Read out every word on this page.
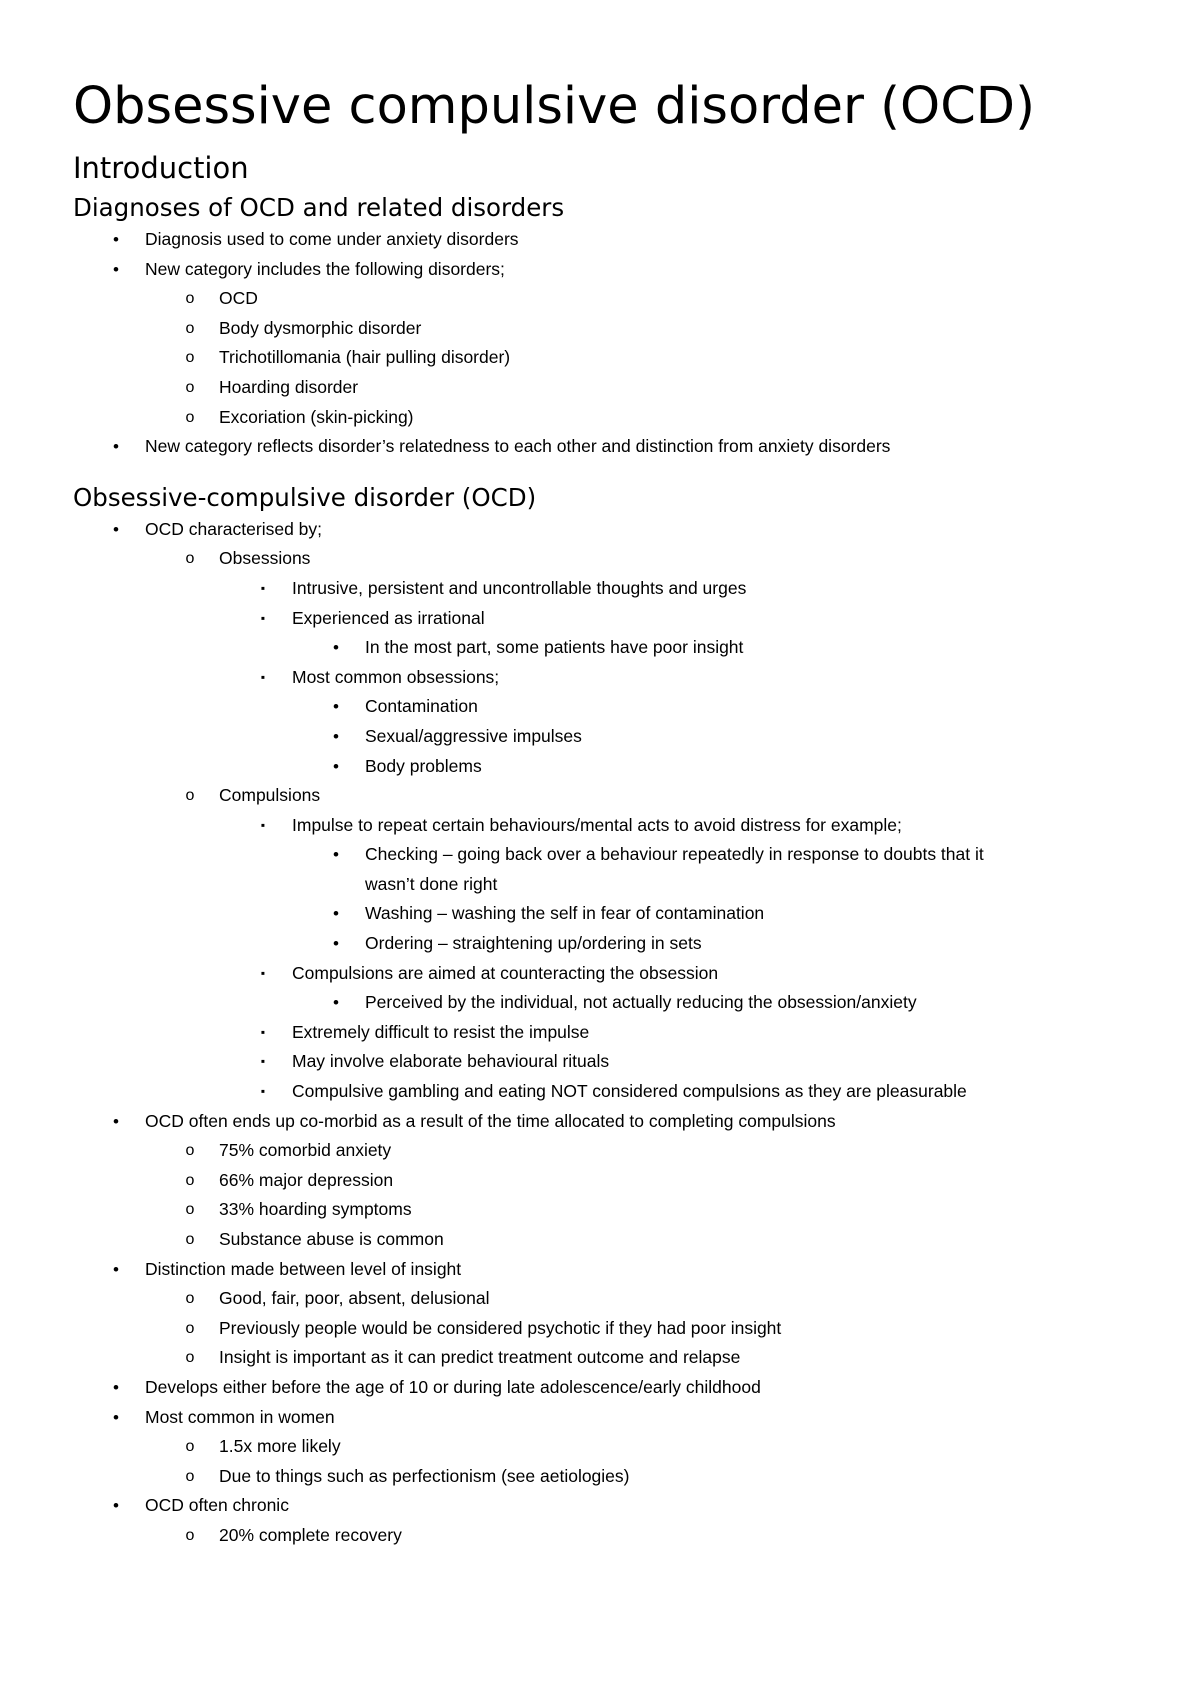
Obsessive compulsive disorder (OCD)
Introduction
Diagnoses of OCD and related disorders
•	Diagnosis used to come under anxiety disorders
•	New category includes the following disorders;
o	OCD
o	Body dysmorphic disorder
o	Trichotillomania (hair pulling disorder)
o	Hoarding disorder
o	Excoriation (skin-picking)
•	New category reflects disorder’s relatedness to each other and distinction from anxiety disorders
Obsessive-compulsive disorder (OCD)
•	OCD characterised by;
o	Obsessions
▪	Intrusive, persistent and uncontrollable thoughts and urges
▪	Experienced as irrational
•	In the most part, some patients have poor insight
▪	Most common obsessions;
•	Contamination
•	Sexual/aggressive impulses
•	Body problems
o	Compulsions
▪	Impulse to repeat certain behaviours/mental acts to avoid distress for example;
•	Checking – going back over a behaviour repeatedly in response to doubts that it
wasn’t done right
•	Washing – washing the self in fear of contamination
•	Ordering – straightening up/ordering in sets
▪	Compulsions are aimed at counteracting the obsession
•	Perceived by the individual, not actually reducing the obsession/anxiety
▪	Extremely difficult to resist the impulse
▪	May involve elaborate behavioural rituals
▪	Compulsive gambling and eating NOT considered compulsions as they are pleasurable
•	OCD often ends up co-morbid as a result of the time allocated to completing compulsions
o	75% comorbid anxiety
o	66% major depression
o	33% hoarding symptoms
o	Substance abuse is common
•	Distinction made between level of insight
o	Good, fair, poor, absent, delusional
o	Previously people would be considered psychotic if they had poor insight
o	Insight is important as it can predict treatment outcome and relapse
•	Develops either before the age of 10 or during late adolescence/early childhood
•	Most common in women
o	1.5x more likely
o	Due to things such as perfectionism (see aetiologies)
•	OCD often chronic
o	20% complete recovery
